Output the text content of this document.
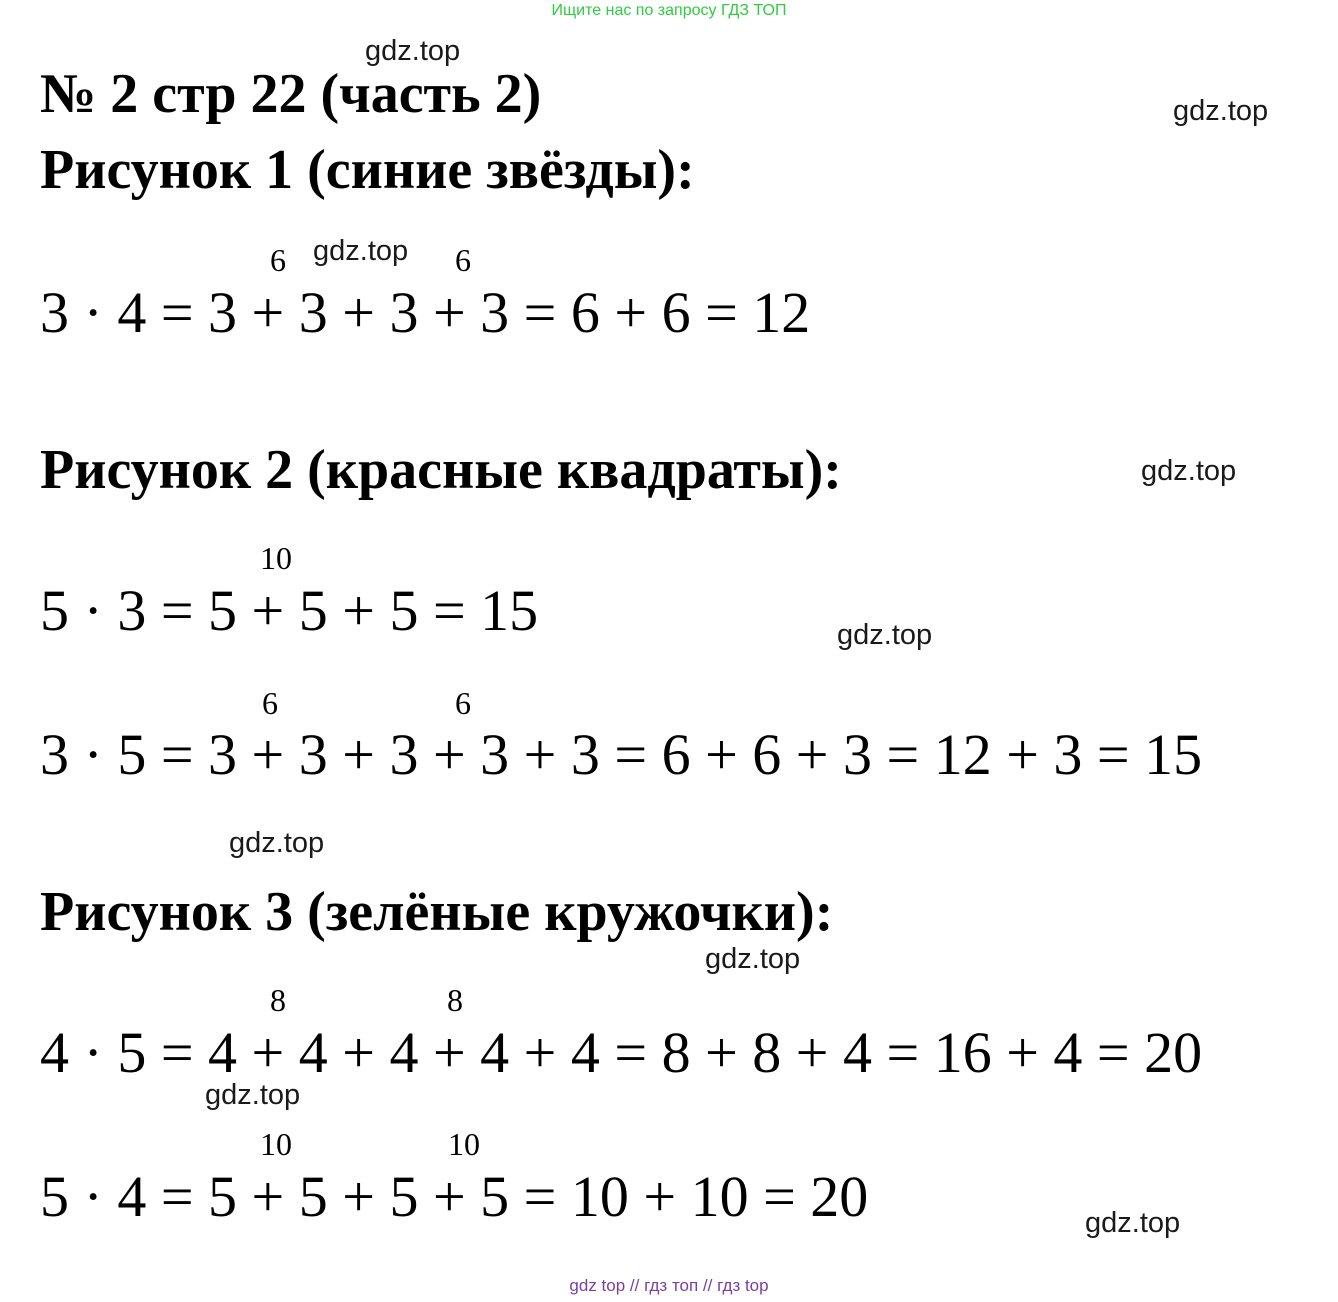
Ищите нас по запросу ГДЗ ТОП
№ 2 стр 22 (часть 2)
Рисунок 1 (синие звёзды):
6	6
3 · 4 = 3 + 3 + 3 + 3 = 6 + 6 = 12
Рисунок 2 (красные квадраты):
10
5 · 3 = 5 + 5 + 5 = 15
6	6
3 · 5 = 3 + 3 + 3 + 3 + 3 = 6 + 6 + 3 = 12 + 3 = 15
Рисунок 3 (зелёные кружочки):
8	8
4 · 5 = 4 + 4 + 4 + 4 + 4 = 8 + 8 + 4 = 16 + 4 = 20
10	10
5 · 4 = 5 + 5 + 5 + 5 = 10 + 10 = 20
gdz.top
gdz.top
gdz.top
gdz.top
gdz.top
gdz.top
gdz.top
gdz.top
gdz.top
gdz top // гдз топ // гдз top
